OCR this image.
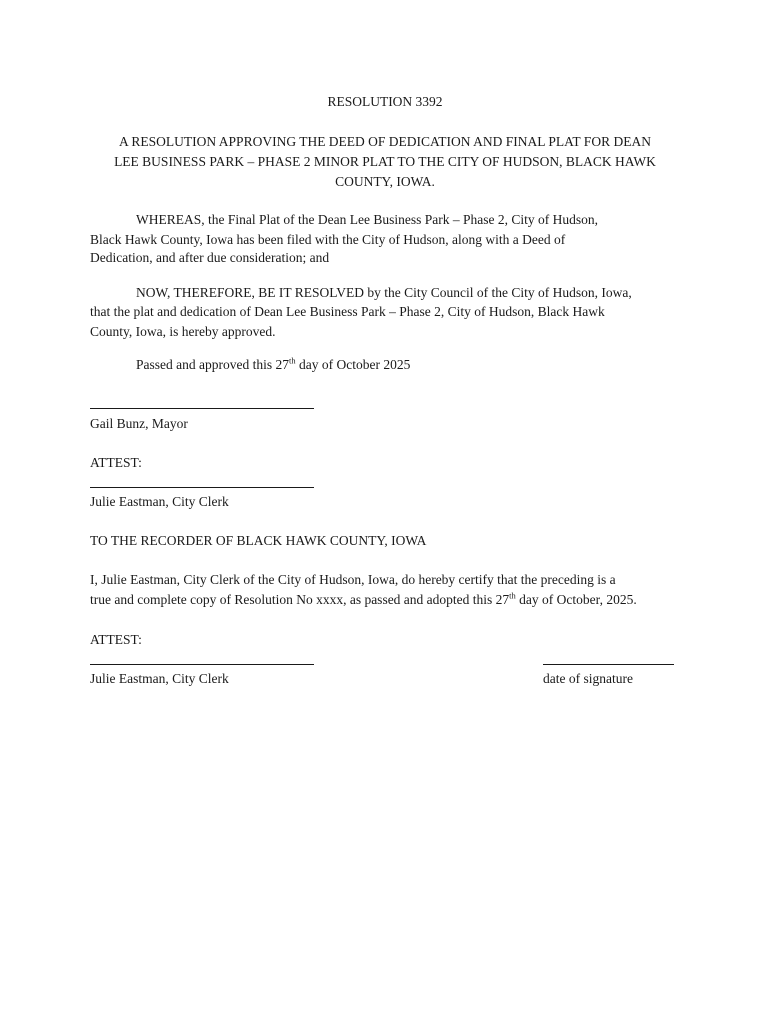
RESOLUTION 3392
A RESOLUTION APPROVING THE DEED OF DEDICATION AND FINAL PLAT FOR DEAN
LEE BUSINESS PARK – PHASE 2 MINOR PLAT TO THE CITY OF HUDSON, BLACK HAWK
COUNTY, IOWA.
WHEREAS, the Final Plat of the Dean Lee Business Park – Phase 2, City of Hudson,
Black Hawk County, Iowa has been filed with the City of Hudson, along with a Deed of
Dedication, and after due consideration; and
NOW, THEREFORE, BE IT RESOLVED by the City Council of the City of Hudson, Iowa,
that the plat and dedication of Dean Lee Business Park – Phase 2, City of Hudson, Black Hawk
County, Iowa, is hereby approved.
Passed and approved this 27th day of October 2025
Gail Bunz, Mayor
ATTEST:
Julie Eastman, City Clerk
TO THE RECORDER OF BLACK HAWK COUNTY, IOWA
I, Julie Eastman, City Clerk of the City of Hudson, Iowa, do hereby certify that the preceding is a
true and complete copy of Resolution No xxxx, as passed and adopted this 27th day of October, 2025.
ATTEST:
Julie Eastman, City Clerk	date of signature
